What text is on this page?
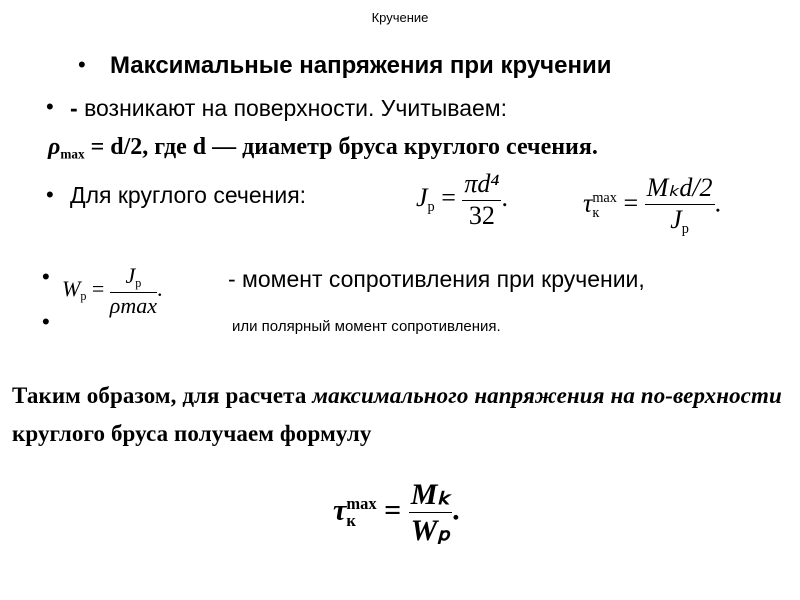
Кручение
•
•
•
•
•
Максимальные напряжения при кручении
- возникают на поверхности. Учитываем:
$\rho_{max} = d/2$, где d — диаметр бруса круглого сечения.
Для круглого сечения:	$J_p = \frac{\text{πd⁴}}{32}$ .	τ max
$к = \frac{\text{Mₖd/2}}{J_p}$ .
$W_p = \frac{J_p}{\rho\max}$ .	- момент сопротивления при кручении,
или полярный момент сопротивления.
Таким образом, для расчета максимального напряжения на по-верхности круглого бруса получаем формулу
τ max
$к = \frac{\text{Mₖ}}{\text{Wₚ}}$ .
